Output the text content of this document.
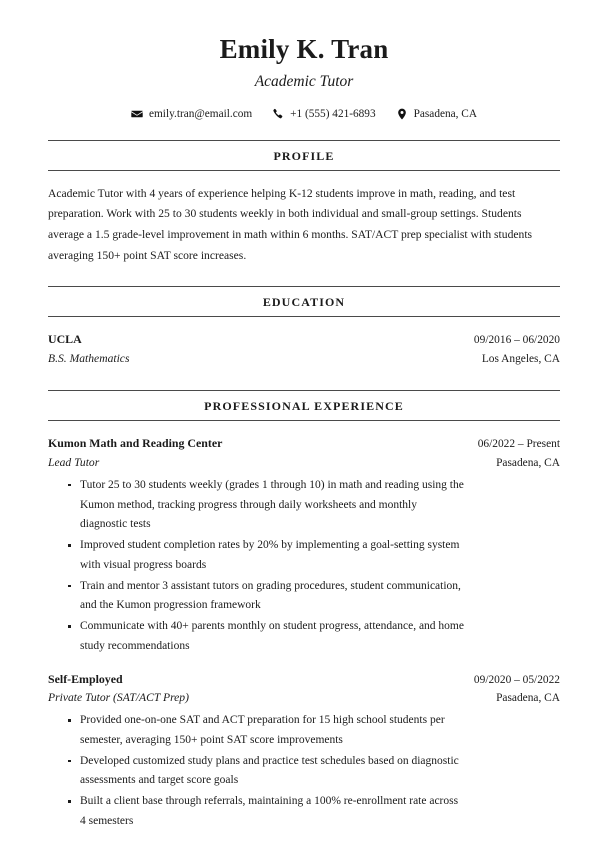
Emily K. Tran
Academic Tutor
emily.tran@email.com	+1 (555) 421-6893	Pasadena, CA
PROFILE

Academic Tutor with 4 years of experience helping K-12 students improve in math, reading, and test preparation. Work with 25 to 30 students weekly in both individual and small-group settings. Students average a 1.5 grade-level improvement in math within 6 months. SAT/ACT prep specialist with students averaging 150+ point SAT score increases.

EDUCATION
UCLA	09/2016 – 06/2020
B.S. Mathematics	Los Angeles, CA
PROFESSIONAL EXPERIENCE
Kumon Math and Reading Center	06/2022 – Present
Lead Tutor	Pasadena, CA
Tutor 25 to 30 students weekly (grades 1 through 10) in math and reading using the Kumon method, tracking progress through daily worksheets and monthly diagnostic tests
Improved student completion rates by 20% by implementing a goal-setting system with visual progress boards
Train and mentor 3 assistant tutors on grading procedures, student communication, and the Kumon progression framework
Communicate with 40+ parents monthly on student progress, attendance, and home study recommendations
Self-Employed	09/2020 – 05/2022
Private Tutor (SAT/ACT Prep)	Pasadena, CA
Provided one-on-one SAT and ACT preparation for 15 high school students per semester, averaging 150+ point SAT score improvements
Developed customized study plans and practice test schedules based on diagnostic assessments and target score goals
Built a client base through referrals, maintaining a 100% re-enrollment rate across 4 semesters
